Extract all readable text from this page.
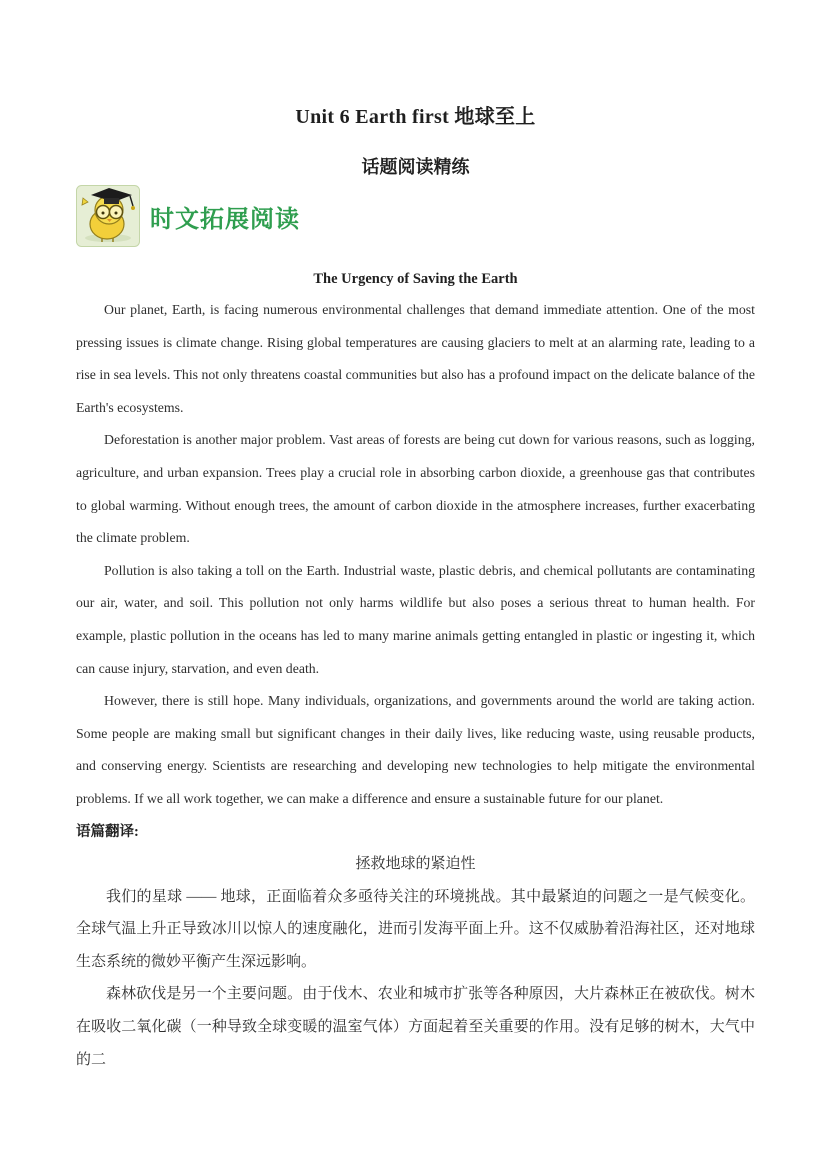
Unit 6 Earth first 地球至上
话题阅读精练
时文拓展阅读
The Urgency of Saving the Earth

Our planet, Earth, is facing numerous environmental challenges that demand immediate attention. One of the most pressing issues is climate change. Rising global temperatures are causing glaciers to melt at an alarming rate, leading to a rise in sea levels. This not only threatens coastal communities but also has a profound impact on the delicate balance of the Earth's ecosystems.

Deforestation is another major problem. Vast areas of forests are being cut down for various reasons, such as logging, agriculture, and urban expansion. Trees play a crucial role in absorbing carbon dioxide, a greenhouse gas that contributes to global warming. Without enough trees, the amount of carbon dioxide in the atmosphere increases, further exacerbating the climate problem.

Pollution is also taking a toll on the Earth. Industrial waste, plastic debris, and chemical pollutants are contaminating our air, water, and soil. This pollution not only harms wildlife but also poses a serious threat to human health. For example, plastic pollution in the oceans has led to many marine animals getting entangled in plastic or ingesting it, which can cause injury, starvation, and even death.

However, there is still hope. Many individuals, organizations, and governments around the world are taking action. Some people are making small but significant changes in their daily lives, like reducing waste, using reusable products, and conserving energy. Scientists are researching and developing new technologies to help mitigate the environmental problems. If we all work together, we can make a difference and ensure a sustainable future for our planet.

语篇翻译:
拯救地球的紧迫性

我们的星球 —— 地球，正面临着众多亟待关注的环境挑战。其中最紧迫的问题之一是气候变化。全球气温上升正导致冰川以惊人的速度融化，进而引发海平面上升。这不仅威胁着沿海社区，还对地球生态系统的微妙平衡产生深远影响。

森林砍伐是另一个主要问题。由于伐木、农业和城市扩张等各种原因，大片森林正在被砍伐。树木在吸收二氧化碳（一种导致全球变暖的温室气体）方面起着至关重要的作用。没有足够的树木，大气中的二
